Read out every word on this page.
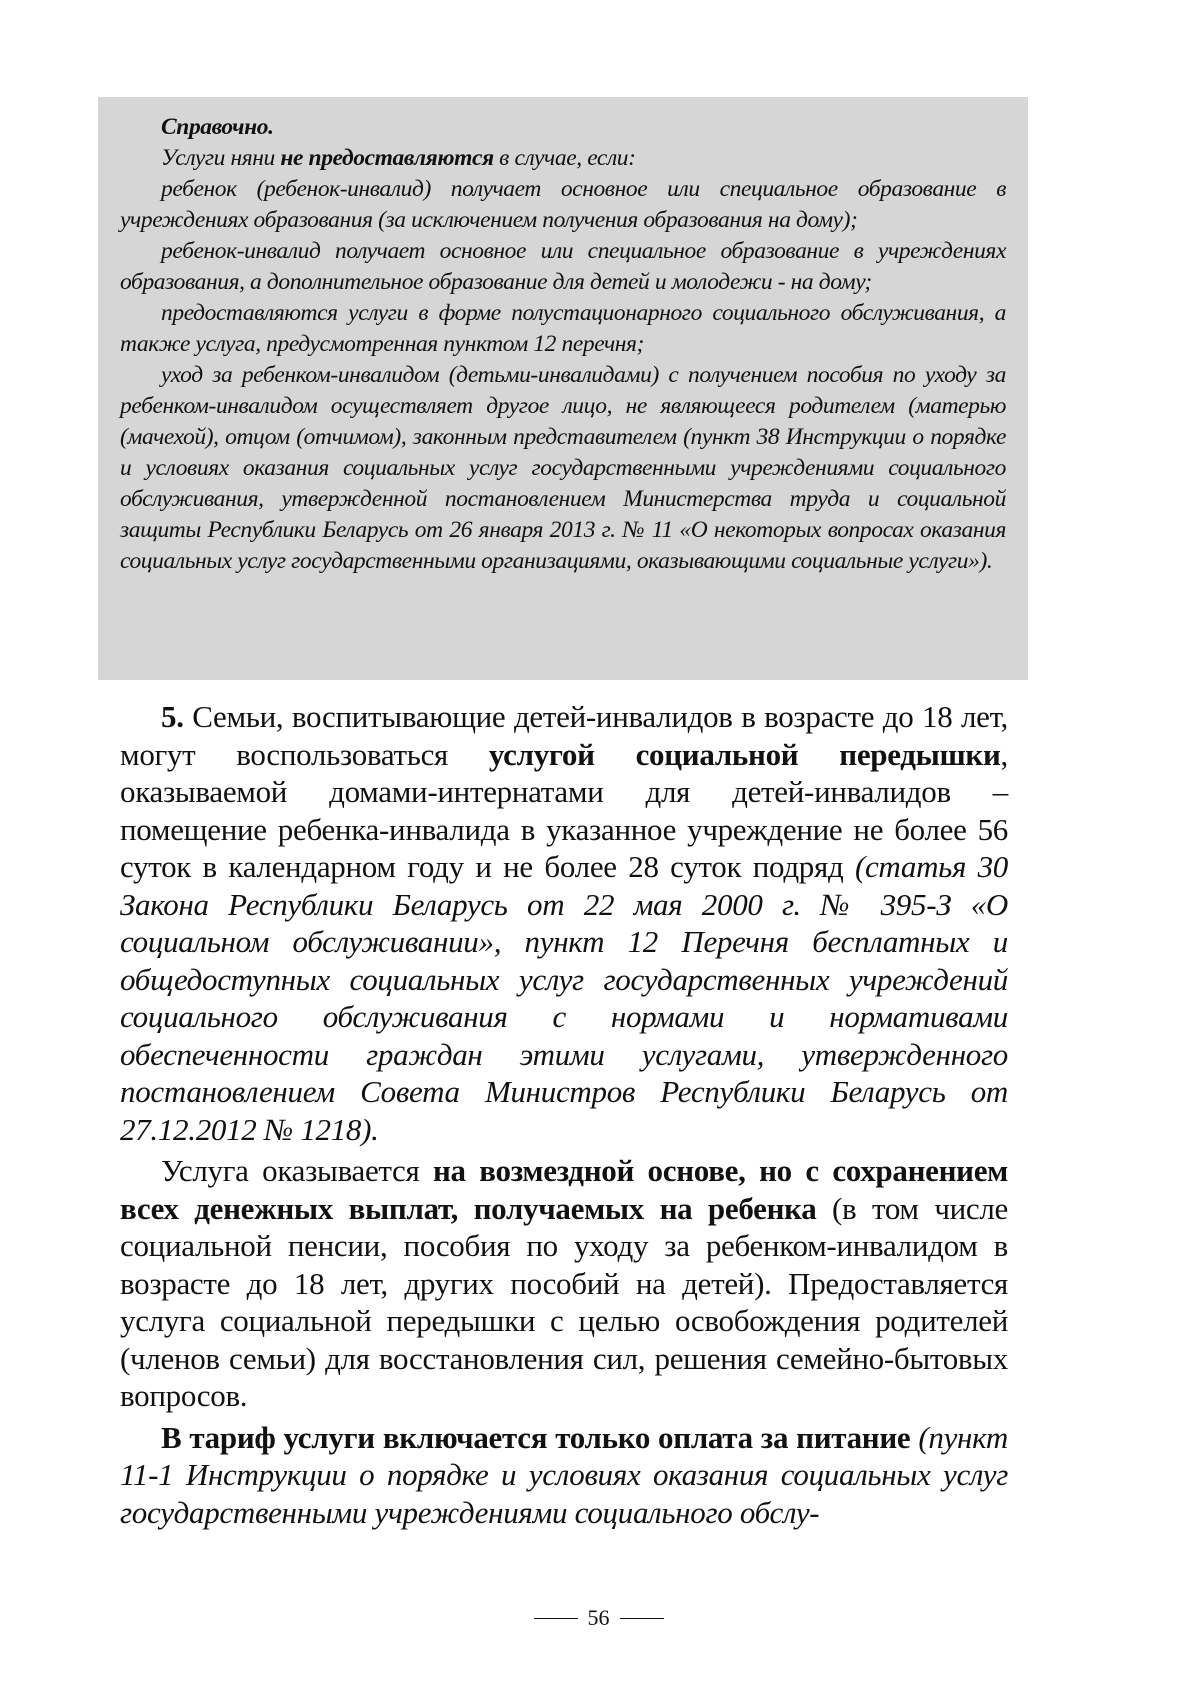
Справочно.

Услуги няни не предоставляются в случае, если:

ребенок (ребенок-инвалид) получает основное или специальное образование в учреждениях образования (за исключением получения образования на дому);

ребенок-инвалид получает основное или специальное образование в учреждениях образования, а дополнительное образование для детей и молодежи - на дому;

предоставляются услуги в форме полустационарного социального обслуживания, а также услуга, предусмотренная пунктом 12 перечня;

уход за ребенком-инвалидом (детьми-инвалидами) с получением пособия по уходу за ребенком-инвалидом осуществляет другое лицо, не являющееся родителем (матерью (мачехой), отцом (отчимом), законным представителем (пункт 38 Инструкции о порядке и условиях оказания социальных услуг государственными учреждениями социального обслуживания, утвержденной постановлением Министерства труда и социальной защиты Республики Беларусь от 26 января 2013 г. № 11 «О некоторых вопросах оказания социальных услуг государственными организациями, оказывающими социальные услуги»).

5. Семьи, воспитывающие детей-инвалидов в возрасте до 18 лет, могут воспользоваться услугой социальной передышки, оказываемой домами-интернатами для детей-инвалидов – помещение ребенка-инвалида в указанное учреждение не более 56 суток в календарном году и не более 28 суток подряд (статья 30 Закона Республики Беларусь от 22 мая 2000 г. № 395-З «О социальном обслуживании», пункт 12 Перечня бесплатных и общедоступных социальных услуг государственных учреждений социального обслуживания с нормами и нормативами обеспеченности граждан этими услугами, утвержденного постановлением Совета Министров Республики Беларусь от 27.12.2012 № 1218).

Услуга оказывается на возмездной основе, но с сохранением всех денежных выплат, получаемых на ребенка (в том числе социальной пенсии, пособия по уходу за ребенком-инвалидом в возрасте до 18 лет, других пособий на детей). Предоставляется услуга социальной передышки с целью освобождения родителей (членов семьи) для восстановления сил, решения семейно-бытовых вопросов.

В тариф услуги включается только оплата за питание (пункт 11-1 Инструкции о порядке и условиях оказания социальных услуг государственными учреждениями социального обслу-

56
